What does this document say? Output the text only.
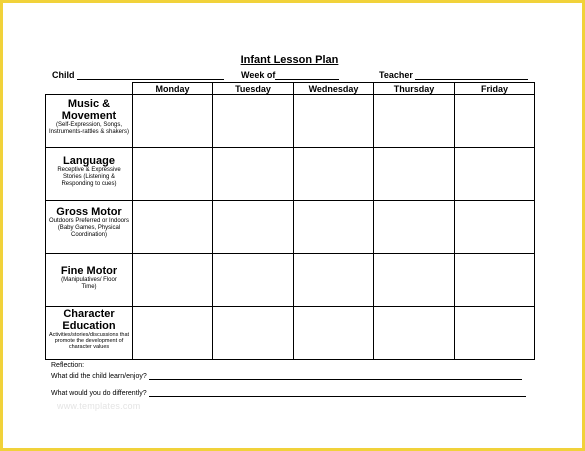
Infant Lesson Plan
Child	Week of	Teacher
	Monday	Tuesday	Wednesday	Thursday	Friday

Music & Movement
(Self-Expression, Songs, Instruments-rattles & shakers)					

Language
Receptive & Expressive Stories (Listening & Responding to cues)					

Gross Motor
Outdoors Preferred or Indoors (Baby Games, Physical Coordination)					

Fine Motor
(Manipulatives/ Floor Time)					

Character Education
Activities/stories/discussions that promote the development of character values					

Reflection:
What did the child learn/enjoy?
What would you do differently?
www.templates.com
